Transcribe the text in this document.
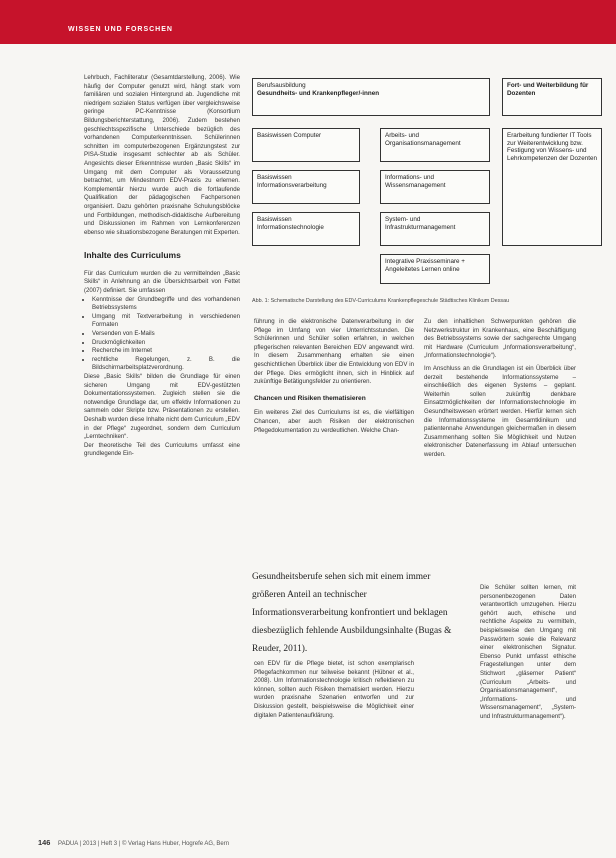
WISSEN UND FORSCHEN

Lehrbuch, Fachliteratur (Gesamtdarstellung, 2006). Wie häufig der Computer genutzt wird, hängt stark vom familiären und sozialen Hintergrund ab. Jugendliche mit niedrigem sozialen Status verfügen über vergleichsweise geringe PC-Kenntnisse (Konsortium Bildungsberichterstattung, 2006). Zudem bestehen geschlechtsspezifische Unterschiede bezüglich des vorhandenen Computerkenntnissen. Schülerinnen schnitten im computerbezogenen Ergänzungstest zur PISA-Studie insgesamt schlechter ab als Schüler. Angesichts dieser Erkenntnisse wurden „Basic Skills“ im Umgang mit dem Computer als Voraussetzung betrachtet, um Mindestnorm EDV-Praxis zu erlernen. Komplementär hierzu wurde auch die fortlaufende Qualifikation der pädagogischen Fachpersonen organisiert. Dazu gehörten praxisnahe Schulungsblöcke und Fortbildungen, methodisch-didaktische Aufbereitung und Diskussionen im Rahmen von Lernkonferenzen ebenso wie situationsbezogene Beratungen mit Experten.

Inhalte des Curriculums

Für das Curriculum wurden die zu vermittelnden „Basic Skills“ in Anlehnung an die Übersichtsarbeit von Fettet (2007) definiert. Sie umfassen

• Kenntnisse der Grundbegriffe und des vorhandenen Betriebssystems
• Umgang mit Textverarbeitung in verschiedenen Formaten
• Versenden von E-Mails
• Druckmöglichkeiten
• Recherche im Internet
• rechtliche Regelungen, z. B. die Bildschirmarbeitsplatzverordnung.

Diese „Basic Skills“ bilden die Grundlage für einen sicheren Umgang mit EDV-gestützten Dokumentationssystemen. Zugleich stellen sie die notwendige Grundlage dar, um effektiv Informationen zu sammeln oder Skripte bzw. Präsentationen zu erstellen. Deshalb wurden diese Inhalte nicht dem Curriculum „EDV in der Pflege“ zugeordnet, sondern dem Curriculum „Lerntechniken“.

Der theoretische Teil des Curriculums umfasst eine grundlegende Ein-

Berufsausbildung
Gesundheits- und Krankenpfleger/-innen
Fort- und Weiterbildung für Dozenten
Basiswissen Computer
Basiswissen Informationsverarbeitung
Basiswissen Informationstechnologie
Arbeits- und Organisationsmanagement
Informations- und Wissensmanagement
System- und Infrastrukturmanagement
Integrative Praxisseminare + Angeleitetes Lernen online
Erarbeitung fundierter IT Tools zur Weiterentwicklung bzw. Festigung von Wissens- und Lehrkompetenzen der Dozenten
Abb. 1: Schematische Darstellung des EDV-Curriculums Krankenpflegeschule Städtisches Klinikum Dessau

führung in die elektronische Datenverarbeitung in der Pflege im Umfang von vier Unterrichtsstunden. Die Schülerinnen und Schüler sollen erfahren, in welchen pflegerischen relevanten Bereichen EDV angewandt wird. In diesem Zusammenhang erhalten sie einen geschichtlichen Überblick über die Entwicklung von EDV in der Pflege. Dies ermöglicht ihnen, sich in Hinblick auf zukünftige Betätigungsfelder zu orientieren.

Chancen und Risiken thematisieren

Ein weiteres Ziel des Curriculums ist es, die vielfältigen Chancen, aber auch Risiken der elektronischen Pflegedokumentation zu verdeutlichen. Welche Chan-

cen EDV für die Pflege bietet, ist schon exemplarisch Pflegefachkommen nur teilweise bekannt (Hübner et al., 2008). Um Informationstechnologie kritisch reflektieren zu können, sollten auch Risiken thematisiert werden. Hierzu wurden praxisnahe Szenarien entworfen und zur Diskussion gestellt, beispielsweise die Möglichkeit einer digitalen Patientenaufklärung.

Zu den inhaltlichen Schwerpunkten gehören die Netzwerkstruktur im Krankenhaus, eine Beschäftigung des Betriebssystems sowie der sachgerechte Umgang mit Hardware (Curriculum „Informationsverarbeitung“, „Informationstechnologie“).

Im Anschluss an die Grundlagen ist ein Überblick über derzeit bestehende Informationssysteme – einschließlich des eigenen Systems – geplant. Weiterhin sollen zukünftig denkbare Einsatzmöglichkeiten der Informationstechnologie im Gesundheitswesen erörtert werden. Hierfür lernen sich die Informationssysteme im Gesamtklinikum und patientennahe Anwendungen gleichermaßen in diesem Zusammenhang sollten Sie Möglichkeit und Nutzen elektronischer Datenerfassung im Ablauf untersuchen werden.

Die Schüler sollten lernen, mit personenbezogenen Daten verantwortlich umzugehen. Hierzu gehört auch, ethische und rechtliche Aspekte zu vermitteln, beispielsweise den Umgang mit Passwörtern sowie die Relevanz einer elektronischen Signatur. Ebenso Punkt umfasst ethische Fragestellungen unter dem Stichwort „gläserner Patient“ (Curriculum „Arbeits- und Organisationsmanagement“, „Informations- und Wissensmanagement“, „System- und Infrastrukturmanagement“).

Gesundheitsberufe sehen sich mit einem immer größeren Anteil an technischer Informationsverarbeitung konfrontiert und beklagen diesbezüglich fehlende Ausbildungsinhalte (Bugas & Reuder, 2011).
146 PADUA | 2013 | Heft 3 | © Verlag Hans Huber, Hogrefe AG, Bern
